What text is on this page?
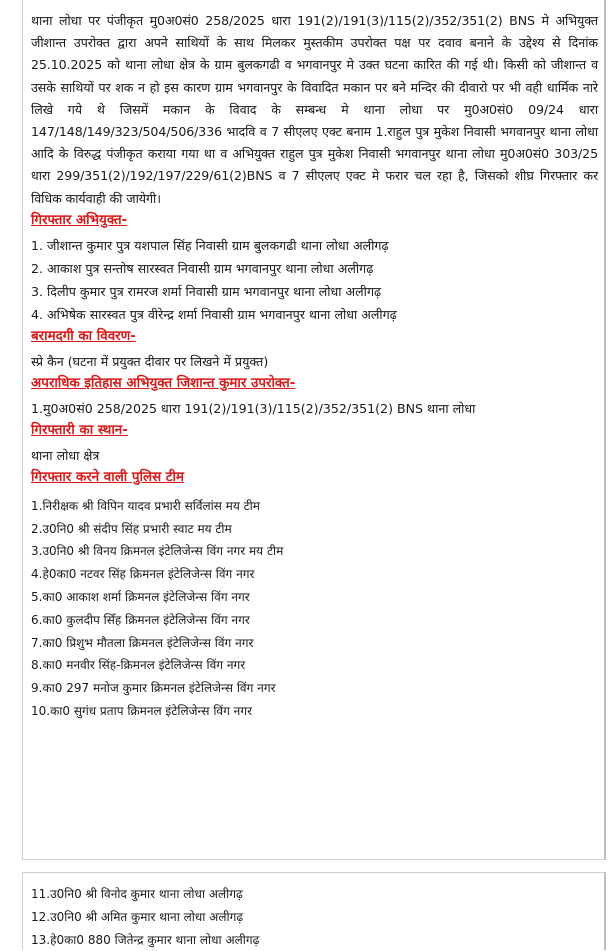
थाना लोधा पर पंजीकृत मु0अ0सं0 258/2025 धारा 191(2)/191(3)/115(2)/352/351(2) BNS मे अभियुक्त जीशान्त उपरोक्त द्वारा अपने साथियों के साथ मिलकर मुस्तकीम उपरोक्त पक्ष पर दवाव बनाने के उद्देश्य से दिनांक 25.10.2025 को थाना लोधा क्षेत्र के ग्राम बुलकगढी व भगवानपुर मे उक्त घटना कारित की गई थी। किसी को जीशान्त व उसके साथियों पर शक न हो इस कारण ग्राम भगवानपुर के विवादित मकान पर बने मन्दिर की दीवारो पर भी वही धार्मिक नारे लिखे गये थे जिसमें मकान के विवाद के सम्बन्ध मे थाना लोधा पर मु0अ0सं0 09/24 धारा 147/148/149/323/504/506/336 भादवि व 7 सीएलए एक्ट बनाम 1.राहुल पुत्र मुकेश निवासी भगवानपुर थाना लोधा आदि के विरुद्ध पंजीकृत कराया गया था व अभियुक्त राहुल पुत्र मुकेश निवासी भगवानपुर थाना लोधा मु0अ0सं0 303/25 धारा 299/351(2)/192/197/229/61(2)BNS व 7 सीएलए एक्ट मे फरार चल रहा है, जिसको शीघ्र गिरफ्तार कर विधिक कार्यवाही की जायेगी।

गिरफ्तार अभियुक्त-
1. जीशान्त कुमार पुत्र यशपाल सिंह निवासी ग्राम बुलकगढी थाना लोधा अलीगढ़
2. आकाश पुत्र सन्तोष सारस्वत निवासी ग्राम भगवानपुर थाना लोधा अलीगढ़
3. दिलीप कुमार पुत्र रामरज शर्मा निवासी ग्राम भगवानपुर थाना लोधा अलीगढ़
4. अभिषेक सारस्वत पुत्र वीरेन्द्र शर्मा निवासी ग्राम भगवानपुर थाना लोधा अलीगढ़
बरामदगी का विवरण-
स्प्रे कैन (घटना में प्रयुक्त दीवार पर लिखने में प्रयुक्त)
अपराधिक इतिहास अभियुक्त जिशान्त कुमार उपरोक्त-
1.मु0अ0सं0 258/2025 धारा 191(2)/191(3)/115(2)/352/351(2) BNS थाना लोधा
गिरफ्तारी का स्थान-
थाना लोधा क्षेत्र
गिरफ्तार करने वाली पुलिस टीम
1.निरीक्षक श्री विपिन यादव प्रभारी सर्विलांस मय टीम
2.उ0नि0 श्री संदीप सिंह प्रभारी स्वाट मय टीम
3.उ0नि0 श्री विनय क्रिमनल इंटेलिजेन्स विंग नगर मय टीम
4.हे0का0 नटवर सिंह क्रिमनल इंटेलिजेन्स विंग नगर
5.का0 आकाश शर्मा क्रिमनल इंटेलिजेन्स विंग नगर
6.का0 कुलदीप सिँह क्रिमनल इंटेलिजेन्स विंग नगर
7.का0 प्रिशुभ मौतला क्रिमनल इंटेलिजेन्स विंग नगर
8.का0 मनवीर सिंह-क्रिमनल इंटेलिजेन्स विंग नगर
9.का0 297 मनोज कुमार क्रिमनल इंटेलिजेन्स विंग नगर
10.का0 सुगंध प्रताप क्रिमनल इंटेलिजेन्स विंग नगर
11.उ0नि0 श्री विनोद कुमार थाना लोधा अलीगढ़
12.उ0नि0 श्री अमित कुमार थाना लोधा अलीगढ़
13.हे0का0 880 जितेन्द्र कुमार थाना लोधा अलीगढ़
